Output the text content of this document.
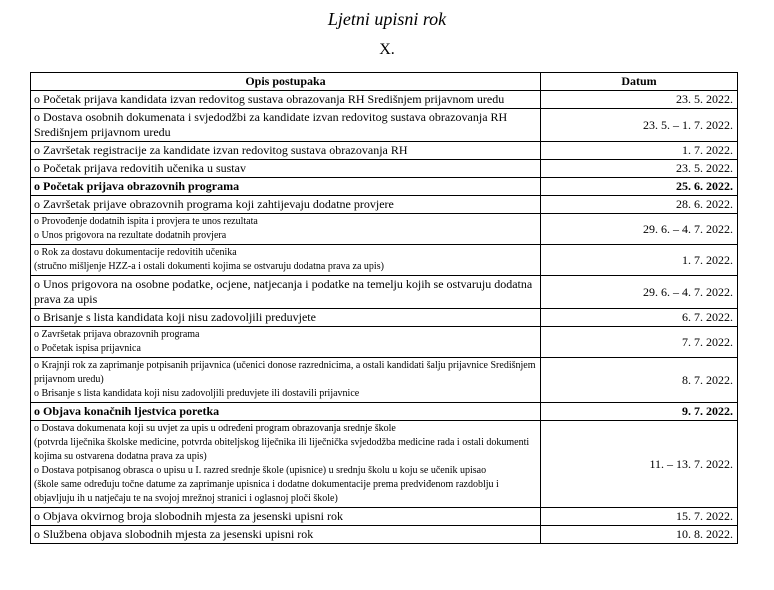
Ljetni upisni rok
X.
Opis postupaka	Datum

o Početak prijava kandidata izvan redovitog sustava obrazovanja RH Središnjem prijavnom uredu	23. 5. 2022.

o Dostava osobnih dokumenata i svjedodžbi za kandidate izvan redovitog sustava obrazovanja RH Središnjem prijavnom uredu	23. 5. – 1. 7. 2022.

o Završetak registracije za kandidate izvan redovitog sustava obrazovanja RH	1. 7. 2022.

o Početak prijava redovitih učenika u sustav	23. 5. 2022.

o Početak prijava obrazovnih programa	25. 6. 2022.

o Završetak prijave obrazovnih programa koji zahtijevaju dodatne provjere	28. 6. 2022.

o Provođenje dodatnih ispita i provjera te unos rezultata
o Unos prigovora na rezultate dodatnih provjera	29. 6. – 4. 7. 2022.

o Rok za dostavu dokumentacije redovitih učenika
(stručno mišljenje HZZ-a i ostali dokumenti kojima se ostvaruju dodatna prava za upis)	1. 7. 2022.

o Unos prigovora na osobne podatke, ocjene, natjecanja i podatke na temelju kojih se ostvaruju dodatna prava za upis	29. 6. – 4. 7. 2022.

o Brisanje s lista kandidata koji nisu zadovoljili preduvjete	6. 7. 2022.

o Završetak prijava obrazovnih programa
o Početak ispisa prijavnica	7. 7. 2022.

o Krajnji rok za zaprimanje potpisanih prijavnica (učenici donose razrednicima, a ostali kandidati šalju prijavnice Središnjem prijavnom uredu)
o Brisanje s lista kandidata koji nisu zadovoljili preduvjete ili dostavili prijavnice	8. 7. 2022.

o Objava konačnih ljestvica poretka	9. 7. 2022.

o Dostava dokumenata koji su uvjet za upis u određeni program obrazovanja srednje škole
(potvrda liječnika školske medicine, potvrda obiteljskog liječnika ili liječnička svjedodžba medicine rada i ostali dokumenti kojima su ostvarena dodatna prava za upis)
o Dostava potpisanog obrasca o upisu u I. razred srednje škole (upisnice) u srednju školu u koju se učenik upisao
(škole same određuju točne datume za zaprimanje upisnica i dodatne dokumentacije prema predviđenom razdoblju i objavljuju ih u natječaju te na svojoj mrežnoj stranici i oglasnoj ploči škole)	11. – 13. 7. 2022.

o Objava okvirnog broja slobodnih mjesta za jesenski upisni rok	15. 7. 2022.

o Službena objava slobodnih mjesta za jesenski upisni rok	10. 8. 2022.
